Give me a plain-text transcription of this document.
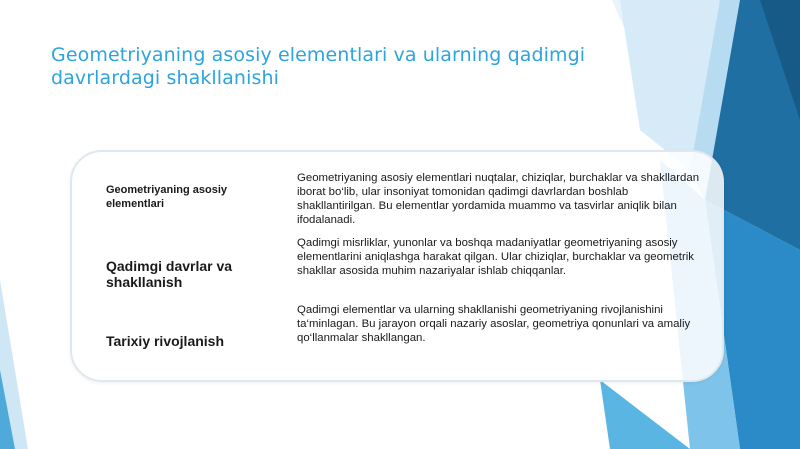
Geometriyaning asosiy elementlari va ularning qadimgi davrlardagi shakllanishi
Geometriyaning asosiy elementlari
Geometriyaning asosiy elementlari nuqtalar, chiziqlar, burchaklar va shakllardan iborat bo‘lib, ular insoniyat tomonidan qadimgi davrlardan boshlab shakllantirilgan. Bu elementlar yordamida muammo va tasvirlar aniqlik bilan ifodalanadi.
Qadimgi davrlar va shakllanish
Qadimgi misrliklar, yunonlar va boshqa madaniyatlar geometriyaning asosiy elementlarini aniqlashga harakat qilgan. Ular chiziqlar, burchaklar va geometrik shakllar asosida muhim nazariyalar ishlab chiqqanlar.
Tarixiy rivojlanish
Qadimgi elementlar va ularning shakllanishi geometriyaning rivojlanishini ta‘minlagan. Bu jarayon orqali nazariy asoslar, geometriya qonunlari va amaliy qo‘llanmalar shakllangan.
